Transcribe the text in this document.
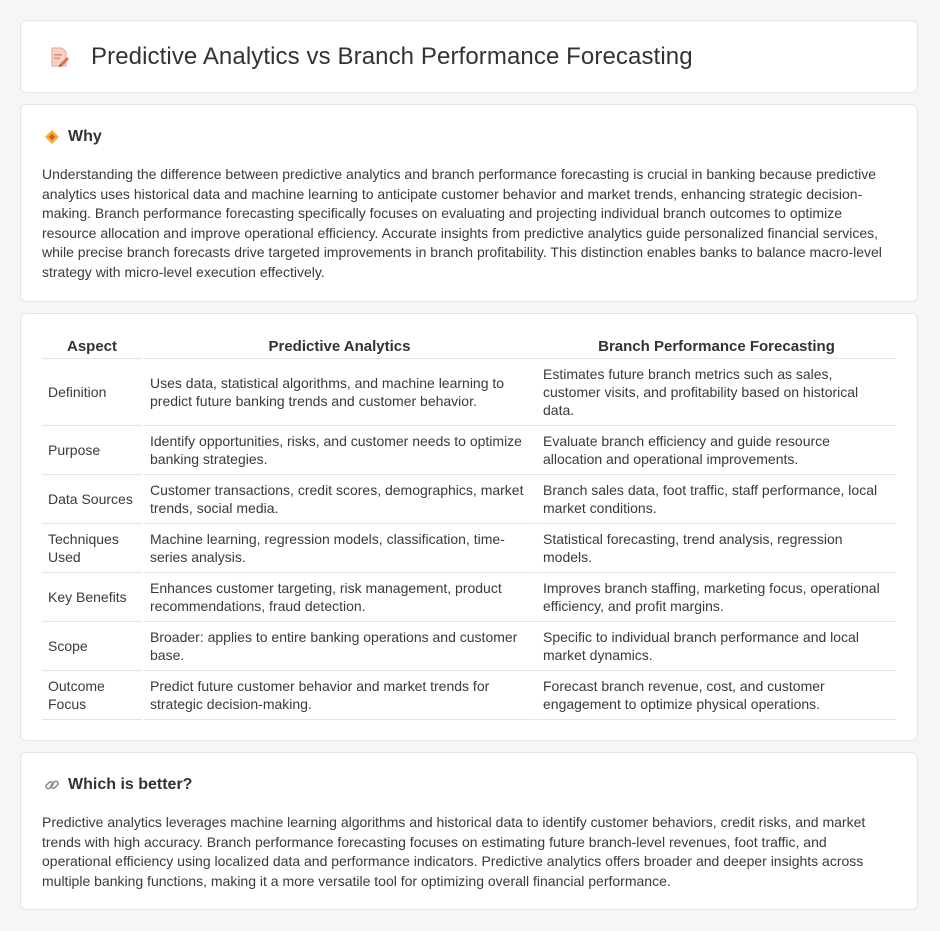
Predictive Analytics vs Branch Performance Forecasting
Why

Understanding the difference between predictive analytics and branch performance forecasting is crucial in banking because predictive analytics uses historical data and machine learning to anticipate customer behavior and market trends, enhancing strategic decision-making. Branch performance forecasting specifically focuses on evaluating and projecting individual branch outcomes to optimize resource allocation and improve operational efficiency. Accurate insights from predictive analytics guide personalized financial services, while precise branch forecasts drive targeted improvements in branch profitability. This distinction enables banks to balance macro-level strategy with micro-level execution effectively.

Aspect	Predictive Analytics	Branch Performance Forecasting
Definition	Uses data, statistical algorithms, and machine learning to predict future banking trends and customer behavior.	Estimates future branch metrics such as sales, customer visits, and profitability based on historical data.
Purpose	Identify opportunities, risks, and customer needs to optimize banking strategies.	Evaluate branch efficiency and guide resource allocation and operational improvements.
Data Sources	Customer transactions, credit scores, demographics, market trends, social media.	Branch sales data, foot traffic, staff performance, local market conditions.
Techniques Used	Machine learning, regression models, classification, time-series analysis.	Statistical forecasting, trend analysis, regression models.
Key Benefits	Enhances customer targeting, risk management, product recommendations, fraud detection.	Improves branch staffing, marketing focus, operational efficiency, and profit margins.
Scope	Broader: applies to entire banking operations and customer base.	Specific to individual branch performance and local market dynamics.
Outcome Focus	Predict future customer behavior and market trends for strategic decision-making.	Forecast branch revenue, cost, and customer engagement to optimize physical operations.
Which is better?

Predictive analytics leverages machine learning algorithms and historical data to identify customer behaviors, credit risks, and market trends with high accuracy. Branch performance forecasting focuses on estimating future branch-level revenues, foot traffic, and operational efficiency using localized data and performance indicators. Predictive analytics offers broader and deeper insights across multiple banking functions, making it a more versatile tool for optimizing overall financial performance.
